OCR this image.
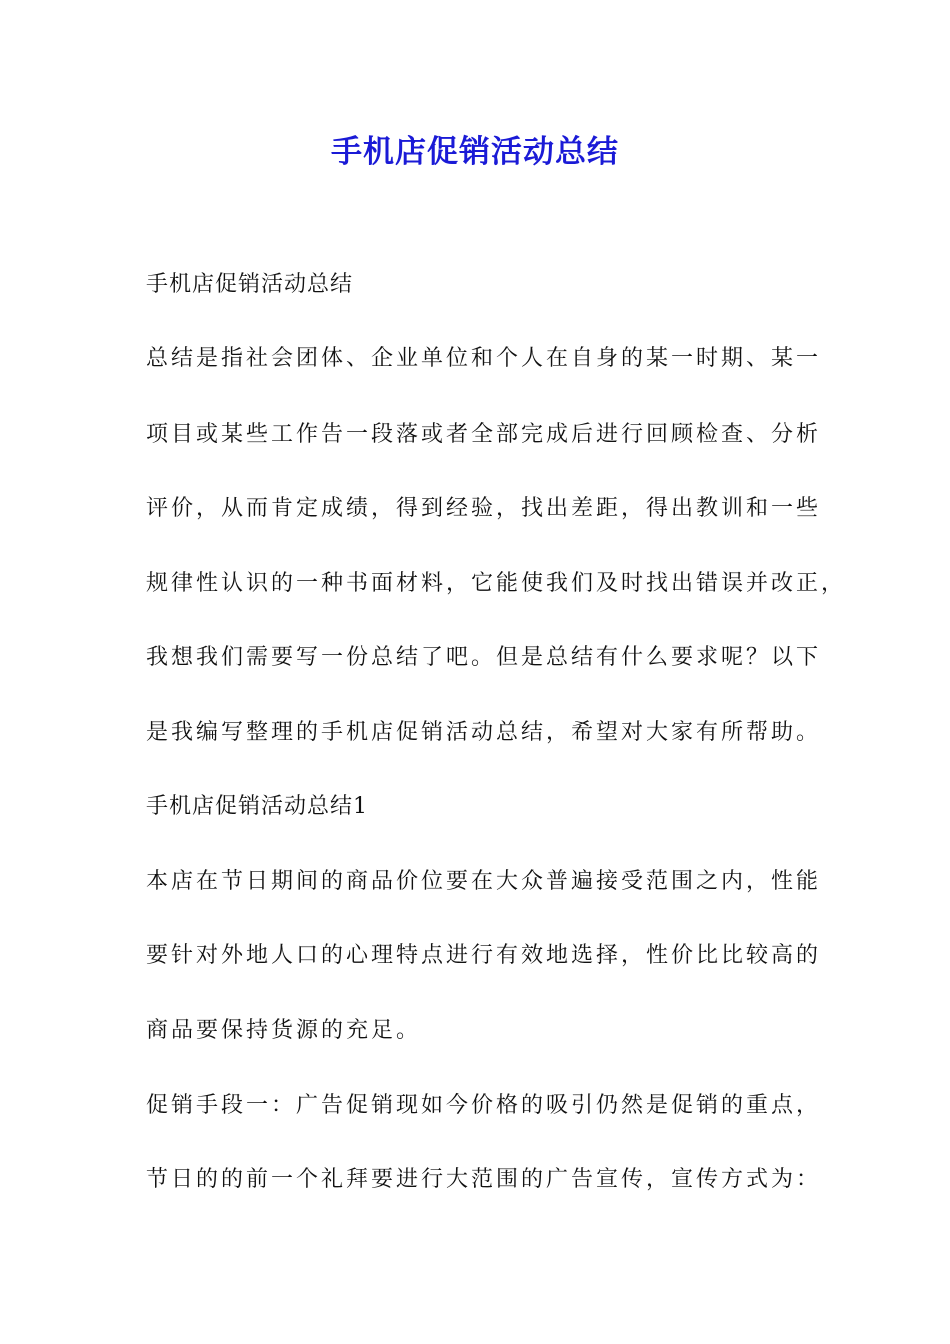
手机店促销活动总结
手机店促销活动总结
总结是指社会团体、企业单位和个人在自身的某一时期、某一
项目或某些工作告一段落或者全部完成后进行回顾检查、分析
评价，从而肯定成绩，得到经验，找出差距，得出教训和一些
规律性认识的一种书面材料，它能使我们及时找出错误并改正，
我想我们需要写一份总结了吧。但是总结有什么要求呢？以下
是我编写整理的手机店促销活动总结，希望对大家有所帮助。
手机店促销活动总结1
本店在节日期间的商品价位要在大众普遍接受范围之内，性能
要针对外地人口的心理特点进行有效地选择，性价比比较高的
商品要保持货源的充足。
促销手段一：广告促销现如今价格的吸引仍然是促销的重点，
节日的的前一个礼拜要进行大范围的广告宣传，宣传方式为：
